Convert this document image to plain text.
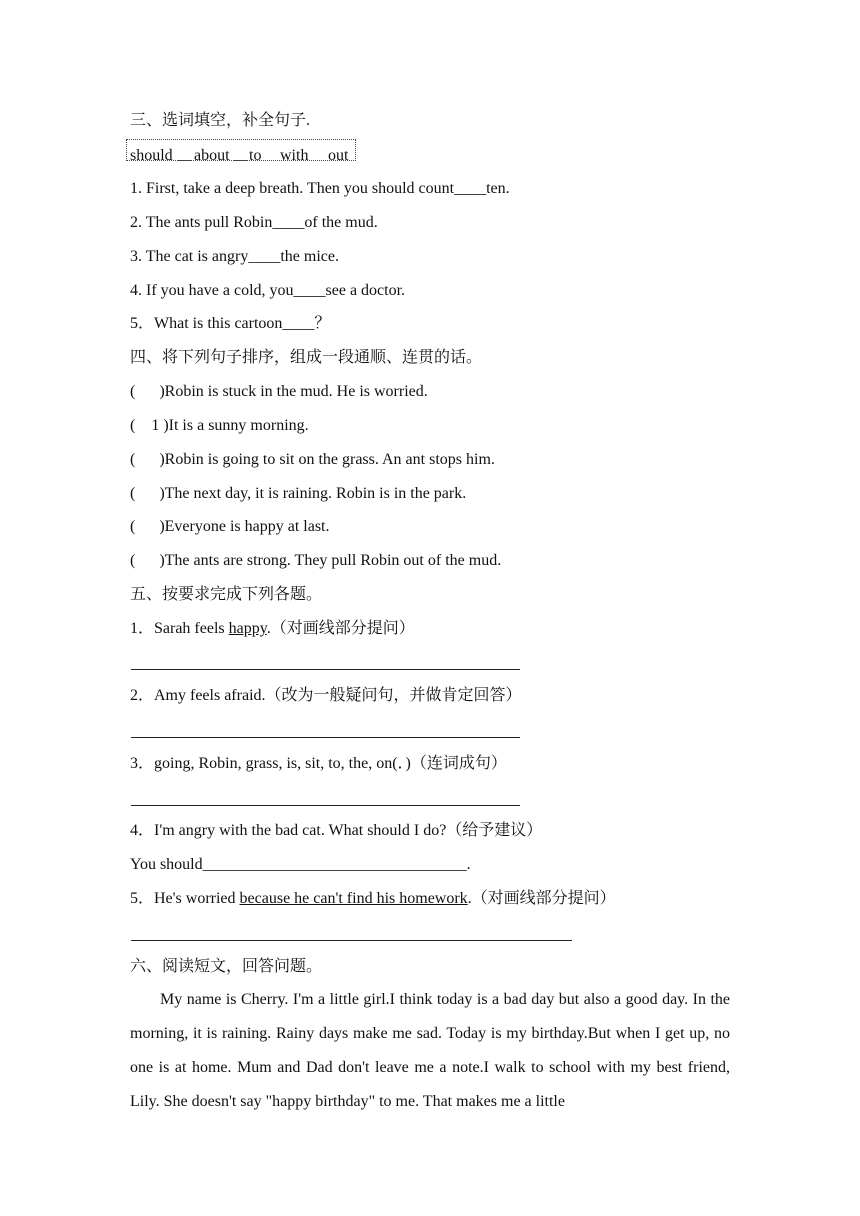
三、选词填空，补全句子.
should about to with out
1. First, take a deep breath. Then you should count____ten.
2. The ants pull Robin____of the mud.
3. The cat is angry____the mice.
4. If you have a cold, you____see a doctor.
5．What is this cartoon____？
四、将下列句子排序，组成一段通顺、连贯的话。
(      )Robin is stuck in the mud. He is worried.
(    1 )It is a sunny morning.
(      )Robin is going to sit on the grass. An ant stops him.
(      )The next day, it is raining. Robin is in the park.
(      )Everyone is happy at last.
(      )The ants are strong. They pull Robin out of the mud.
五、按要求完成下列各题。
1．Sarah feels happy.（对画线部分提问）
2．Amy feels afraid.（改为一般疑问句，并做肯定回答）
3．going, Robin, grass, is, sit, to, the, on(．)（连词成句）
4．I'm angry with the bad cat. What should I do?（给予建议）
You should_________________________________.
5．He's worried because he can't find his homework.（对画线部分提问）
六、阅读短文，回答问题。

My name is Cherry. I'm a little girl.I think today is a bad day but also a good day. In the morning, it is raining. Rainy days make me sad. Today is my birthday.But when I get up, no one is at home. Mum and Dad don't leave me a note.I walk to school with my best friend, Lily. She doesn't say "happy birthday" to me. That makes me a little
